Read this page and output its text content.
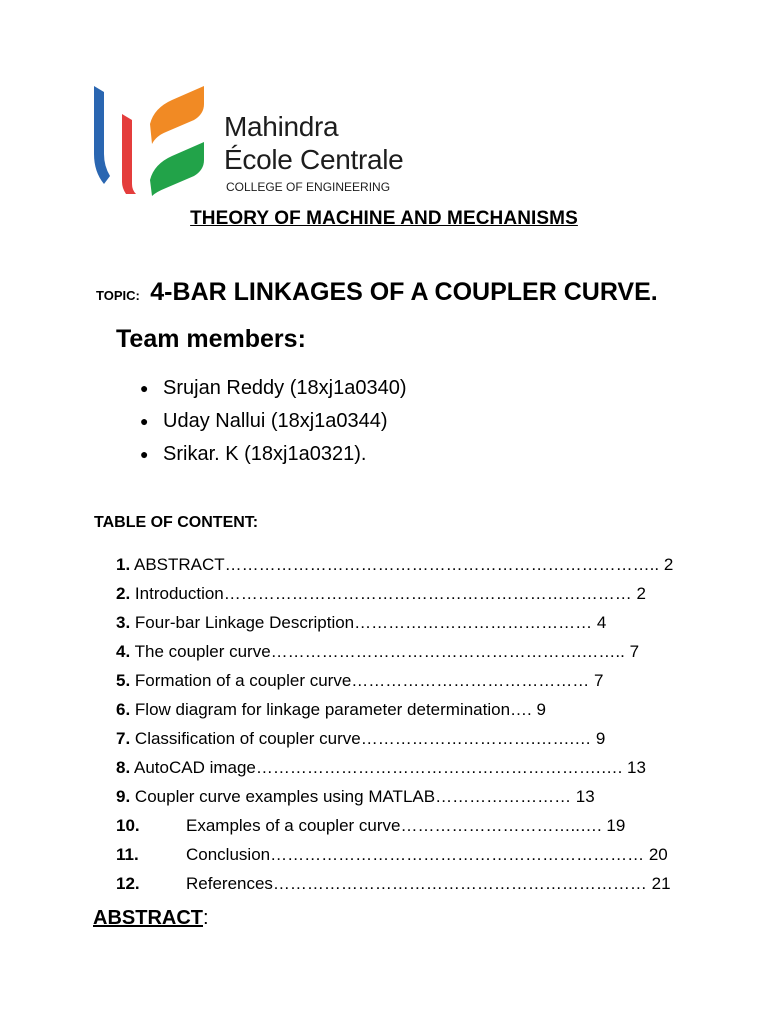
Mahindra
École Centrale
COLLEGE OF ENGINEERING
THEORY OF MACHINE AND MECHANISMS
TOPIC: 4-BAR LINKAGES OF A COUPLER CURVE.
Team members:
● Srujan Reddy (18xj1a0340)
● Uday Nallui (18xj1a0344)
● Srikar. K (18xj1a0321).
TABLE OF CONTENT:
1. ABSTRACT………………………………………………………………….. 2
2. Introduction……………………………………………………………… 2
3. Four-bar Linkage Description…………………………………… 4
4. The coupler curve……………………………………………….…….. 7
5. Formation of a coupler curve…………………………………… 7
6. Flow diagram for linkage parameter determination…. 9
7. Classification of coupler curve………………………….…….… 9
8. AutoCAD image…………………………………………………….…. 13
9. Coupler curve examples using MATLAB…………………… 13
10.	Examples of a coupler curve…………………………..…. 19
11.	Conclusion………………………………………………………… 20
12.	References………………………………………………………… 21
ABSTRACT:
